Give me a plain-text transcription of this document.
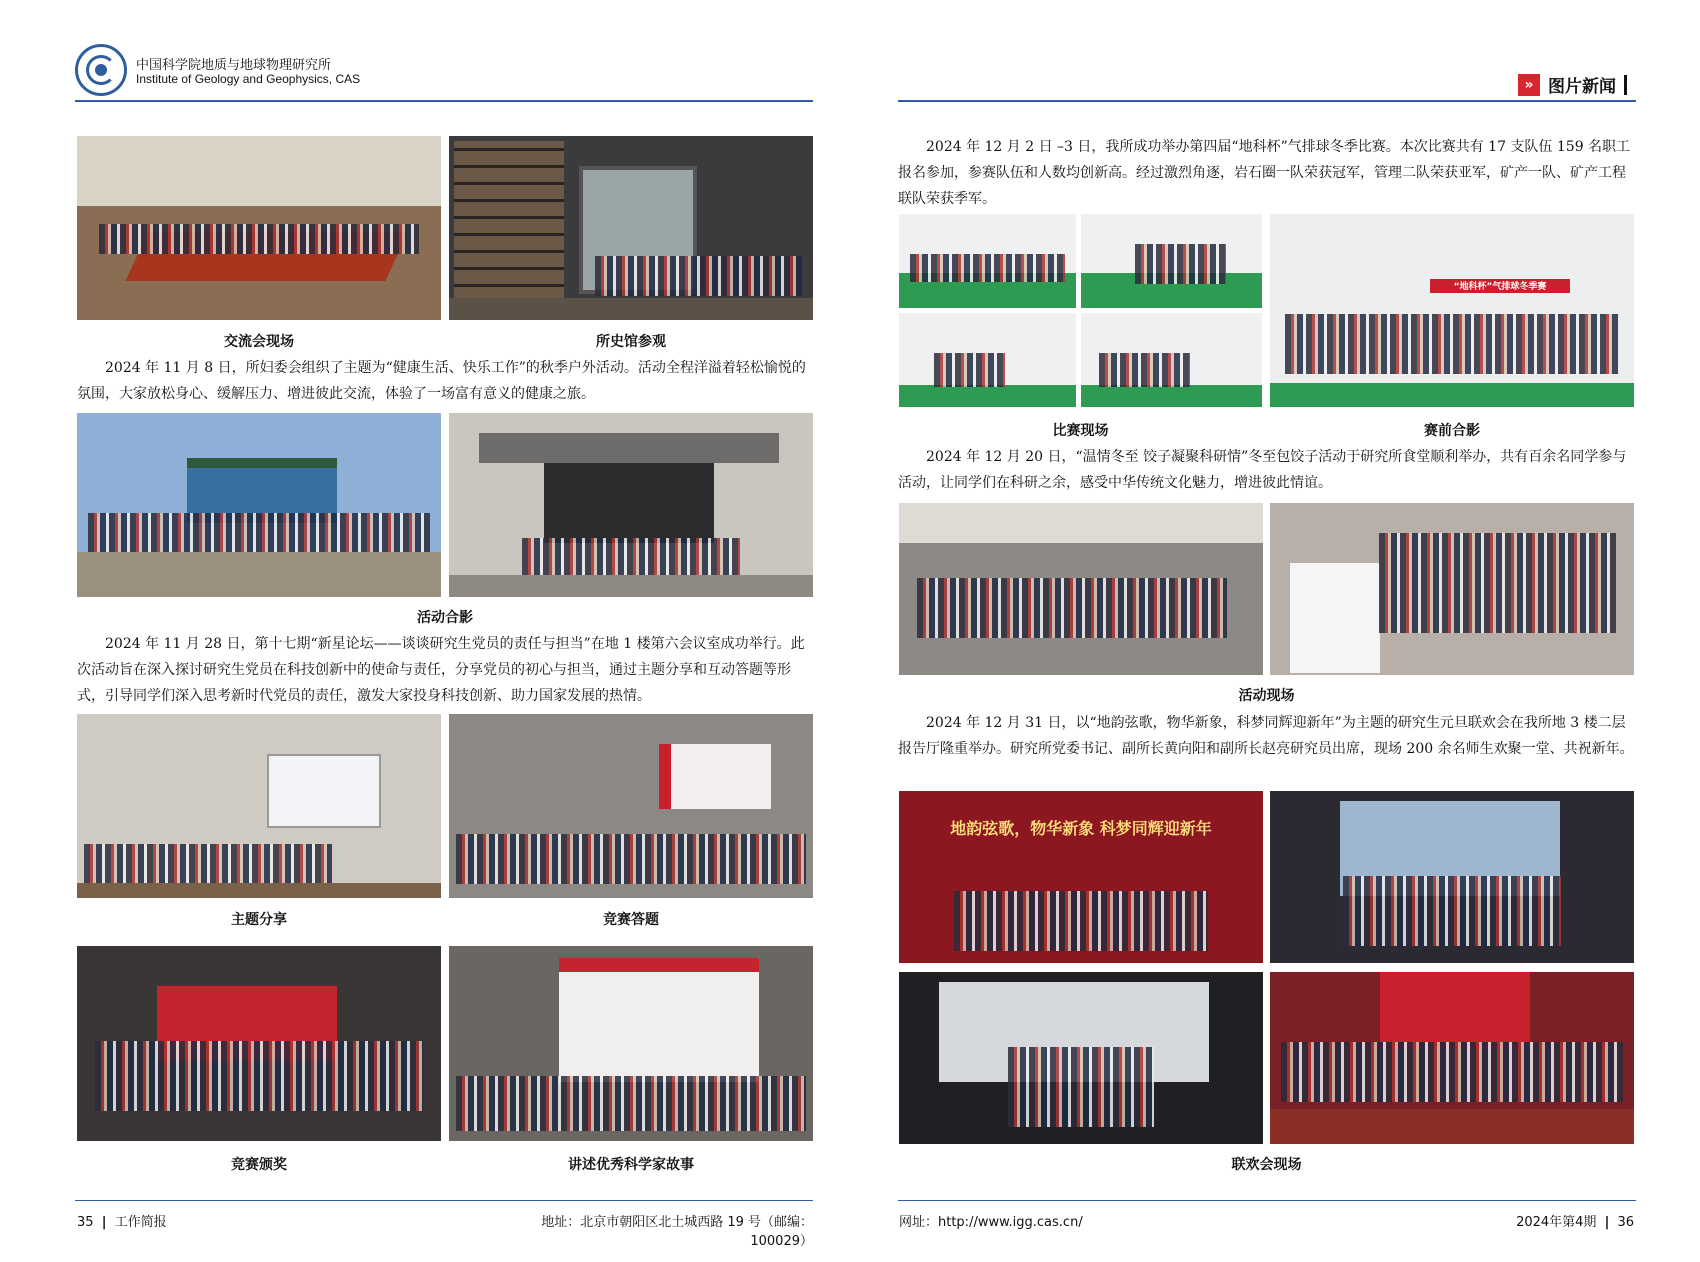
中国科学院地质与地球物理研究所
Institute of Geology and Geophysics, CAS
交流会现场	所史馆参观

2024 年 11 月 8 日，所妇委会组织了主题为“健康生活、快乐工作”的秋季户外活动。活动全程洋溢着轻松愉悦的氛围，大家放松身心、缓解压力、增进彼此交流，体验了一场富有意义的健康之旅。

活动合影

2024 年 11 月 28 日，第十七期“新星论坛——谈谈研究生党员的责任与担当”在地 1 楼第六会议室成功举行。此次活动旨在深入探讨研究生党员在科技创新中的使命与责任，分享党员的初心与担当，通过主题分享和互动答题等形式，引导同学们深入思考新时代党员的责任，激发大家投身科技创新、助力国家发展的热情。

主题分享	竞赛答题
竞赛颁奖	讲述优秀科学家故事
35 | 工作简报	地址：北京市朝阳区北土城西路 19 号（邮编：100029）
» 图片新闻

2024 年 12 月 2 日 –3 日，我所成功举办第四届“地科杯”气排球冬季比赛。本次比赛共有 17 支队伍 159 名职工报名参加，参赛队伍和人数均创新高。经过激烈角逐，岩石圈一队荣获冠军，管理二队荣获亚军，矿产一队、矿产工程联队荣获季军。

“地科杯”气排球冬季赛
比赛现场	赛前合影

2024 年 12 月 20 日，“温情冬至 饺子凝聚科研情”冬至包饺子活动于研究所食堂顺利举办，共有百余名同学参与活动，让同学们在科研之余，感受中华传统文化魅力，增进彼此情谊。

活动现场

2024 年 12 月 31 日，以“地韵弦歌，物华新象，科梦同辉迎新年”为主题的研究生元旦联欢会在我所地 3 楼二层报告厅隆重举办。研究所党委书记、副所长黄向阳和副所长赵亮研究员出席，现场 200 余名师生欢聚一堂、共祝新年。

地韵弦歌，物华新象 科梦同辉迎新年
联欢会现场
网址：http://www.igg.cas.cn/	2024年第4期 | 36
